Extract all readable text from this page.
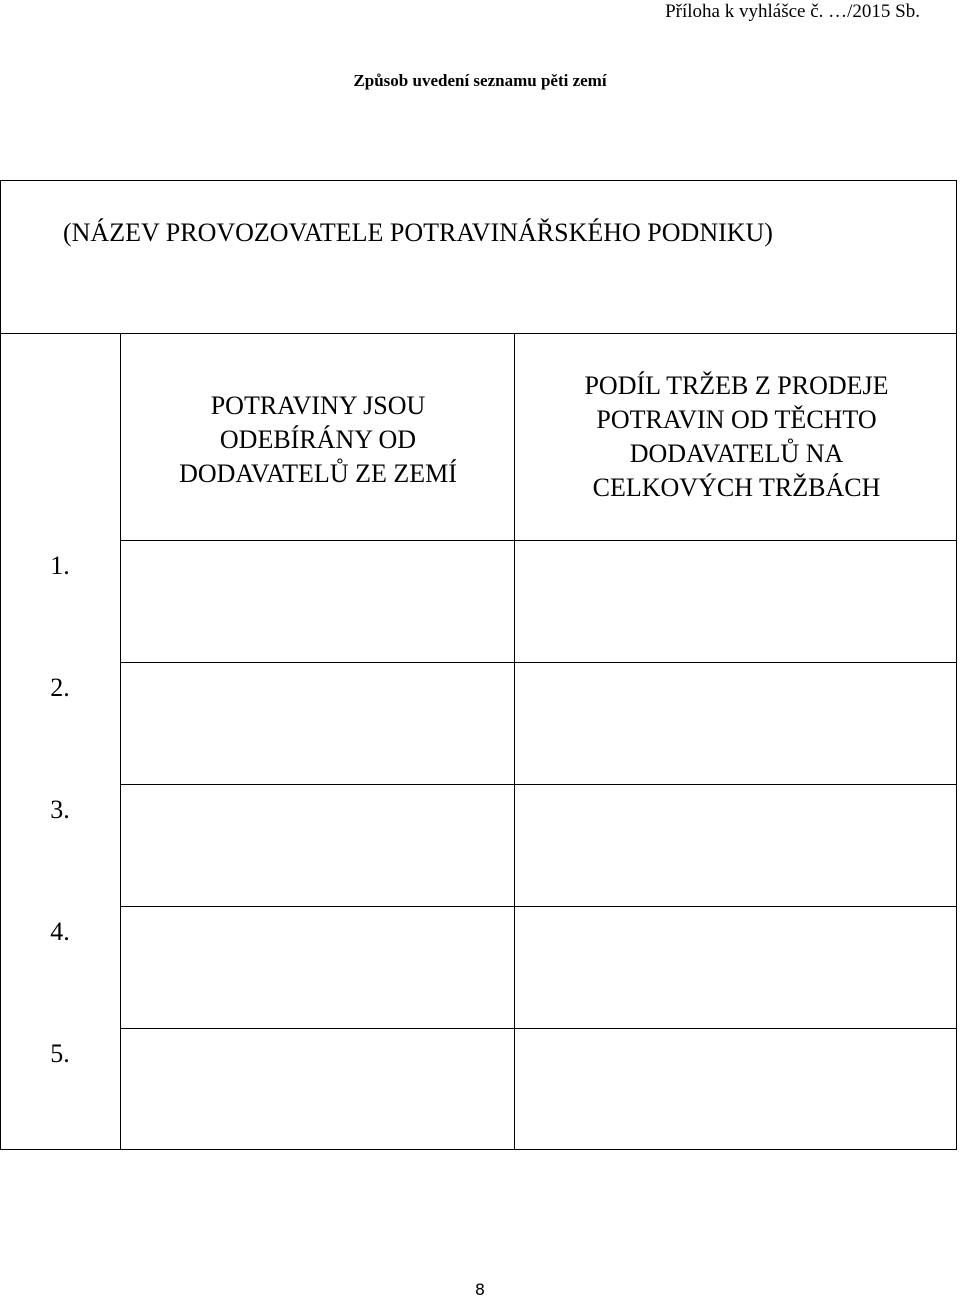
Příloha k vyhlášce č. …/2015 Sb.
Způsob uvedení seznamu pěti zemí
(NÁZEV PROVOZOVATELE POTRAVINÁŘSKÉHO PODNIKU)
POTRAVINY JSOU
ODEBÍRÁNY OD
DODAVATELŮ ZE ZEMÍ
PODÍL TRŽEB Z PRODEJE
POTRAVIN OD TĚCHTO
DODAVATELŮ NA
CELKOVÝCH TRŽBÁCH
1.
2.
3.
4.
5.
8
